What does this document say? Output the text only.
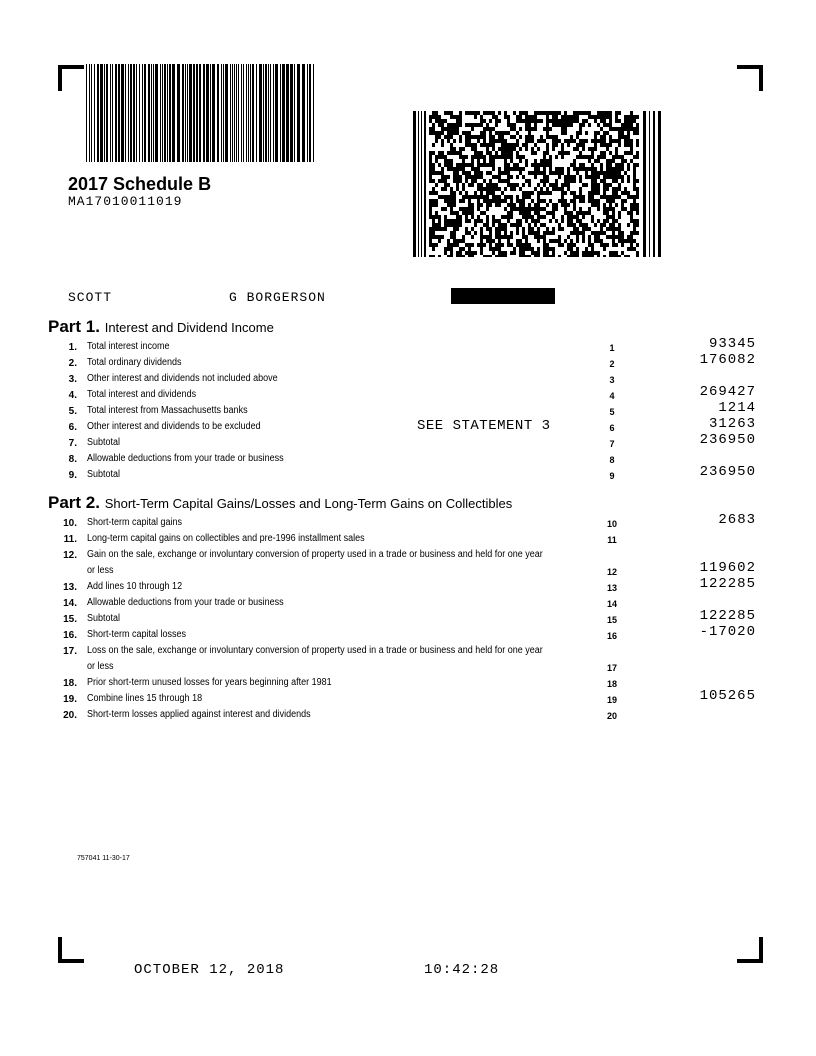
2017 Schedule B
MA17010011019
SCOTT	G BORGERSON
Part 1. Interest and Dividend Income
1. Total interest income	1	93345
2. Total ordinary dividends	2	176082
3. Other interest and dividends not included above	3
4. Total interest and dividends	4	269427
5. Total interest from Massachusetts banks	5	1214
6. Other interest and dividends to be excluded	SEE STATEMENT 3	6	31263
7. Subtotal	7	236950
8. Allowable deductions from your trade or business	8
9. Subtotal	9	236950
Part 2. Short-Term Capital Gains/Losses and Long-Term Gains on Collectibles
10. Short-term capital gains	10	2683
11. Long-term capital gains on collectibles and pre-1996 installment sales	11
12. Gain on the sale, exchange or involuntary conversion of property used in a trade or business and held for one year
or less	12	119602
13. Add lines 10 through 12	13	122285
14. Allowable deductions from your trade or business	14
15. Subtotal	15	122285
16. Short-term capital losses	16	-17020
17. Loss on the sale, exchange or involuntary conversion of property used in a trade or business and held for one year
or less	17
18. Prior short-term unused losses for years beginning after 1981	18
19. Combine lines 15 through 18	19	105265
20. Short-term losses applied against interest and dividends	20
757041 11-30-17
OCTOBER 12, 2018	10:42:28
